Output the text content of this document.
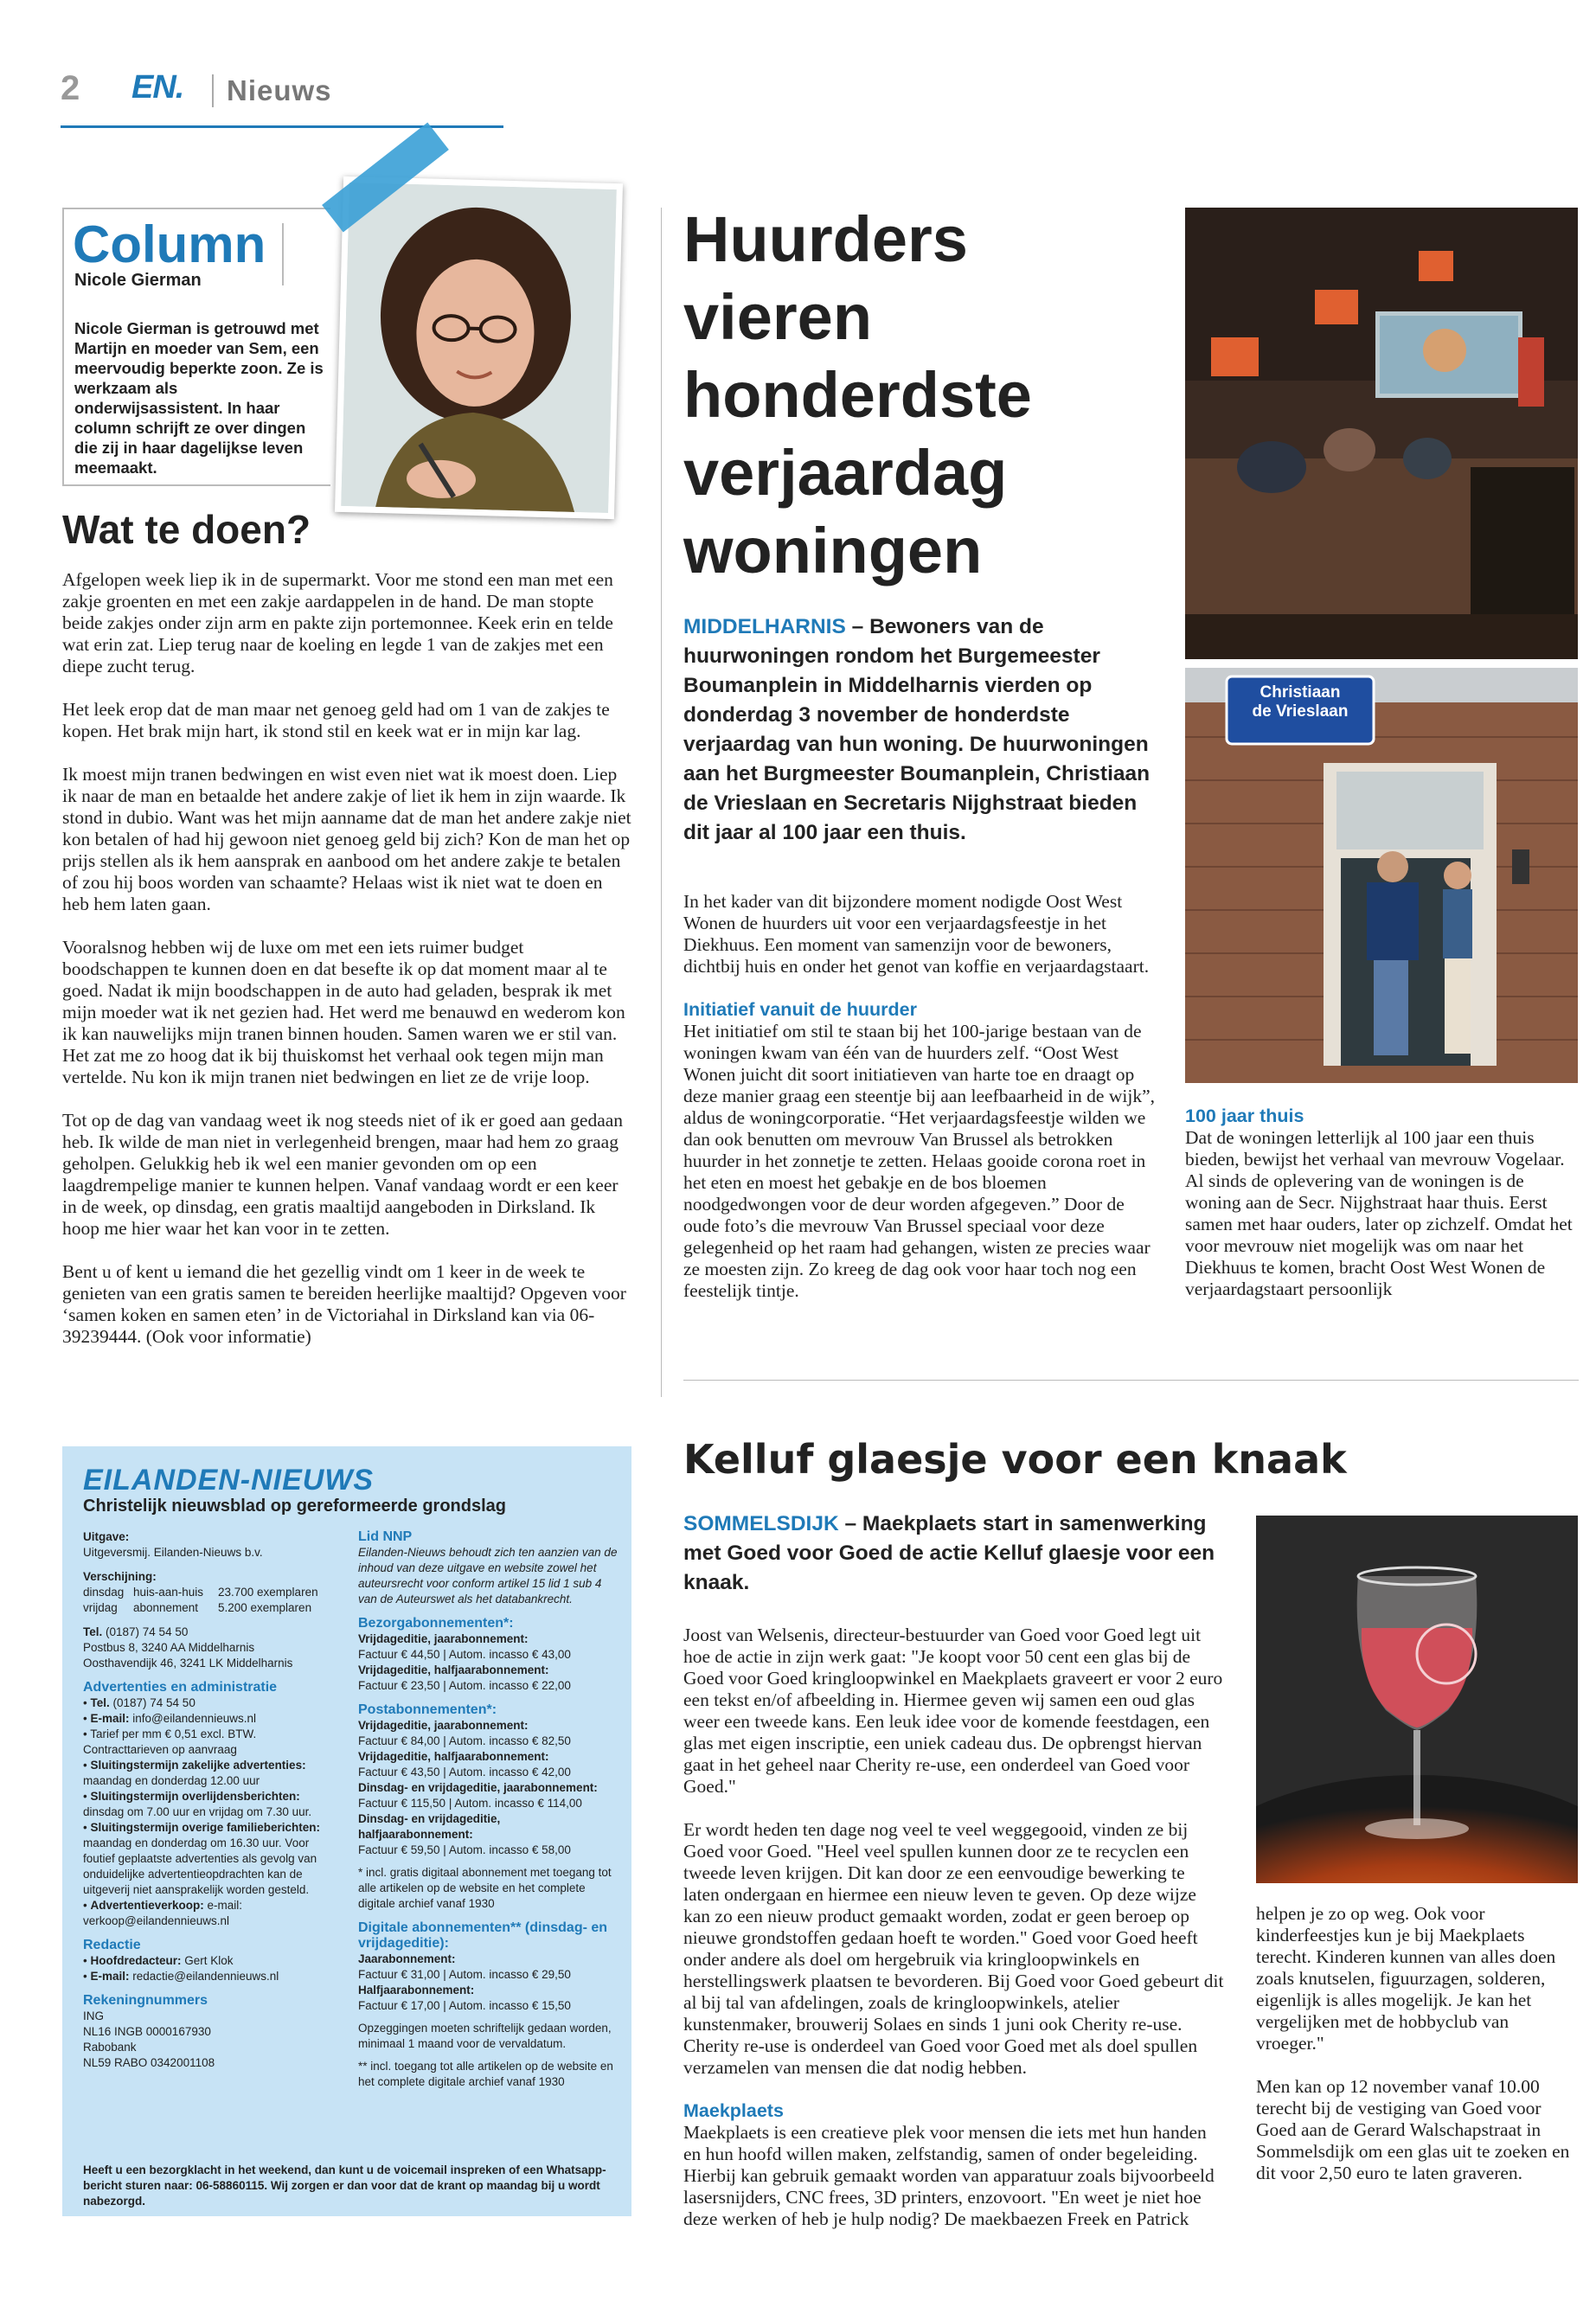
2 EN. Nieuws
Column
Nicole Gierman
Nicole Gierman is getrouwd met Martijn en moeder van Sem, een meervoudig beperkte zoon. Ze is werkzaam als onderwijsassistent. In haar column schrijft ze over dingen die zij in haar dagelijkse leven meemaakt.
Wat te doen?

Afgelopen week liep ik in de supermarkt. Voor me stond een man met een zakje groenten en met een zakje aardappelen in de hand. De man stopte beide zakjes onder zijn arm en pakte zijn portemonnee. Keek erin en telde wat erin zat. Liep terug naar de koeling en legde 1 van de zakjes met een diepe zucht terug.

Het leek erop dat de man maar net genoeg geld had om 1 van de zakjes te kopen. Het brak mijn hart, ik stond stil en keek wat er in mijn kar lag.

Ik moest mijn tranen bedwingen en wist even niet wat ik moest doen. Liep ik naar de man en betaalde het andere zakje of liet ik hem in zijn waarde. Ik stond in dubio. Want was het mijn aanname dat de man het andere zakje niet kon betalen of had hij gewoon niet genoeg geld bij zich? Kon de man het op prijs stellen als ik hem aansprak en aanbood om het andere zakje te betalen of zou hij boos worden van schaamte? Helaas wist ik niet wat te doen en heb hem laten gaan.

Vooralsnog hebben wij de luxe om met een iets ruimer budget boodschappen te kunnen doen en dat besefte ik op dat moment maar al te goed. Nadat ik mijn boodschappen in de auto had geladen, besprak ik met mijn moeder wat ik net gezien had. Het werd me benauwd en wederom kon ik kan nauwelijks mijn tranen binnen houden. Samen waren we er stil van. Het zat me zo hoog dat ik bij thuiskomst het verhaal ook tegen mijn man vertelde. Nu kon ik mijn tranen niet bedwingen en liet ze de vrije loop.

Tot op de dag van vandaag weet ik nog steeds niet of ik er goed aan gedaan heb. Ik wilde de man niet in verlegenheid brengen, maar had hem zo graag geholpen. Gelukkig heb ik wel een manier gevonden om op een laagdrempelige manier te kunnen helpen. Vanaf vandaag wordt er een keer in de week, op dinsdag, een gratis maaltijd aangeboden in Dirksland. Ik hoop me hier waar het kan voor in te zetten.

Bent u of kent u iemand die het gezellig vindt om 1 keer in de week te genieten van een gratis samen te bereiden heerlijke maaltijd? Opgeven voor ‘samen koken en samen eten’ in de Victoriahal in Dirksland kan via 06-39239444. (Ook voor informatie)

Huurders vieren honderdste verjaardag woningen
MIDDELHARNIS – Bewoners van de huurwoningen rondom het Burgemeester Boumanplein in Middelharnis vierden op donderdag 3 november de honderdste verjaardag van hun woning. De huurwoningen aan het Burgmeester Boumanplein, Christiaan de Vrieslaan en Secretaris Nijghstraat bieden dit jaar al 100 jaar een thuis.

In het kader van dit bijzondere moment nodigde Oost West Wonen de huurders uit voor een verjaardagsfeestje in het Diekhuus. Een moment van samenzijn voor de bewoners, dichtbij huis en onder het genot van koffie en verjaardagstaart.

Initiatief vanuit de huurder

Het initiatief om stil te staan bij het 100-jarige bestaan van de woningen kwam van één van de huurders zelf. “Oost West Wonen juicht dit soort initiatieven van harte toe en draagt op deze manier graag een steentje bij aan leefbaarheid in de wijk”, aldus de woningcorporatie. “Het verjaardagsfeestje wilden we dan ook benutten om mevrouw Van Brussel als betrokken huurder in het zonnetje te zetten. Helaas gooide corona roet in het eten en moest het gebakje en de bos bloemen noodgedwongen voor de deur worden afgegeven.” Door de oude foto’s die mevrouw Van Brussel speciaal voor deze gelegenheid op het raam had gehangen, wisten ze precies waar ze moesten zijn. Zo kreeg de dag ook voor haar toch nog een feestelijk tintje.

Christiaan
de Vrieslaan
100 jaar thuis
Dat de woningen letterlijk al 100 jaar een thuis bieden, bewijst het verhaal van mevrouw Vogelaar. Al sinds de oplevering van de woningen is de woning aan de Secr. Nijghstraat haar thuis. Eerst samen met haar ouders, later op zichzelf. Omdat het voor mevrouw niet mogelijk was om naar het Diekhuus te komen, bracht Oost West Wonen de verjaardagstaart persoonlijk
EILANDEN-NIEUWS
Christelijk nieuwsblad op gereformeerde grondslag
Uitgave:
Uitgeversmij. Eilanden-Nieuws b.v.
Verschijning:
dinsdag huis-aan-huis	23.700 exemplaren
vrijdag	abonnement	5.200 exemplaren
Tel. (0187) 74 54 50
Postbus 8, 3240 AA Middelharnis
Oosthavendijk 46, 3241 LK Middelharnis
Advertenties en administratie
• Tel. (0187) 74 54 50
• E-mail: info@eilandennieuws.nl
• Tarief per mm € 0,51 excl. BTW. Contracttarieven op aanvraag
• Sluitingstermijn zakelijke advertenties: maandag en donderdag 12.00 uur
• Sluitingstermijn overlijdensberichten: dinsdag om 7.00 uur en vrijdag om 7.30 uur.
• Sluitingstermijn overige familieberichten: maandag en donderdag om 16.30 uur. Voor foutief geplaatste advertenties als gevolg van onduidelijke advertentieopdrachten kan de uitgeverij niet aansprakelijk worden gesteld.
• Advertentieverkoop: e-mail: verkoop@eilandennieuws.nl
Redactie
• Hoofdredacteur: Gert Klok
• E-mail: redactie@eilandennieuws.nl
Rekeningnummers
ING
NL16 INGB 0000167930
Rabobank
NL59 RABO 0342001108
Lid NNP
Eilanden-Nieuws behoudt zich ten aanzien van de inhoud van deze uitgave en website zowel het auteursrecht voor conform artikel 15 lid 1 sub 4 van de Auteurswet als het databankrecht.
Bezorgabonnementen*:
Vrijdageditie, jaarabonnement:
Factuur € 44,50 | Autom. incasso € 43,00
Vrijdageditie, halfjaarabonnement:
Factuur € 23,50 | Autom. incasso € 22,00
Postabonnementen*:
Vrijdageditie, jaarabonnement:
Factuur € 84,00 | Autom. incasso € 82,50
Vrijdageditie, halfjaarabonnement:
Factuur € 43,50 | Autom. incasso € 42,00
Dinsdag- en vrijdageditie, jaarabonnement:
Factuur € 115,50 | Autom. incasso € 114,00
Dinsdag- en vrijdageditie, halfjaarabonnement:
Factuur € 59,50 | Autom. incasso € 58,00
* incl. gratis digitaal abonnement met toegang tot alle artikelen op de website en het complete digitale archief vanaf 1930
Digitale abonnementen** (dinsdag- en vrijdageditie):
Jaarabonnement:
Factuur € 31,00 | Autom. incasso € 29,50
Halfjaarabonnement:
Factuur € 17,00 | Autom. incasso € 15,50
Opzeggingen moeten schriftelijk gedaan worden, minimaal 1 maand voor de vervaldatum.
** incl. toegang tot alle artikelen op de website en het complete digitale archief vanaf 1930
Heeft u een bezorgklacht in het weekend, dan kunt u de voicemail inspreken of een Whatsapp-bericht sturen naar: 06-58860115. Wij zorgen er dan voor dat de krant op maandag bij u wordt nabezorgd.
Kelluf glaesje voor een knaak
SOMMELSDIJK – Maekplaets start in samenwerking met Goed voor Goed de actie Kelluf glaesje voor een knaak.

Joost van Welsenis, directeur-bestuurder van Goed voor Goed legt uit hoe de actie in zijn werk gaat: "Je koopt voor 50 cent een glas bij de Goed voor Goed kringloopwinkel en Maekplaets graveert er voor 2 euro een tekst en/of afbeelding in. Hiermee geven wij samen een oud glas weer een tweede kans. Een leuk idee voor de komende feestdagen, een glas met eigen inscriptie, een uniek cadeau dus. De opbrengst hiervan gaat in het geheel naar Cherity re-use, een onderdeel van Goed voor Goed."

Er wordt heden ten dage nog veel te veel weggegooid, vinden ze bij Goed voor Goed. "Heel veel spullen kunnen door ze te recyclen een tweede leven krijgen. Dit kan door ze een eenvoudige bewerking te laten ondergaan en hiermee een nieuw leven te geven. Op deze wijze kan zo een nieuw product gemaakt worden, zodat er geen beroep op nieuwe grondstoffen gedaan hoeft te worden." Goed voor Goed heeft onder andere als doel om hergebruik via kringloopwinkels en herstellingswerk plaatsen te bevorderen. Bij Goed voor Goed gebeurt dit al bij tal van afdelingen, zoals de kringloopwinkels, atelier kunstenmaker, brouwerij Solaes en sinds 1 juni ook Cherity re-use. Cherity re-use is onderdeel van Goed voor Goed met als doel spullen verzamelen van mensen die dat nodig hebben.

Maekplaets

Maekplaets is een creatieve plek voor mensen die iets met hun handen en hun hoofd willen maken, zelfstandig, samen of onder begeleiding. Hierbij kan gebruik gemaakt worden van apparatuur zoals bijvoorbeeld lasersnijders, CNC frees, 3D printers, enzovoort. "En weet je niet hoe deze werken of heb je hulp nodig? De maekbaezen Freek en Patrick

helpen je zo op weg. Ook voor kinderfeestjes kun je bij Maekplaets terecht. Kinderen kunnen van alles doen zoals knutselen, figuurzagen, solderen, eigenlijk is alles mogelijk. Je kan het vergelijken met de hobbyclub van vroeger."

Men kan op 12 november vanaf 10.00 terecht bij de vestiging van Goed voor Goed aan de Gerard Walschapstraat in Sommelsdijk om een glas uit te zoeken en dit voor 2,50 euro te laten graveren.
